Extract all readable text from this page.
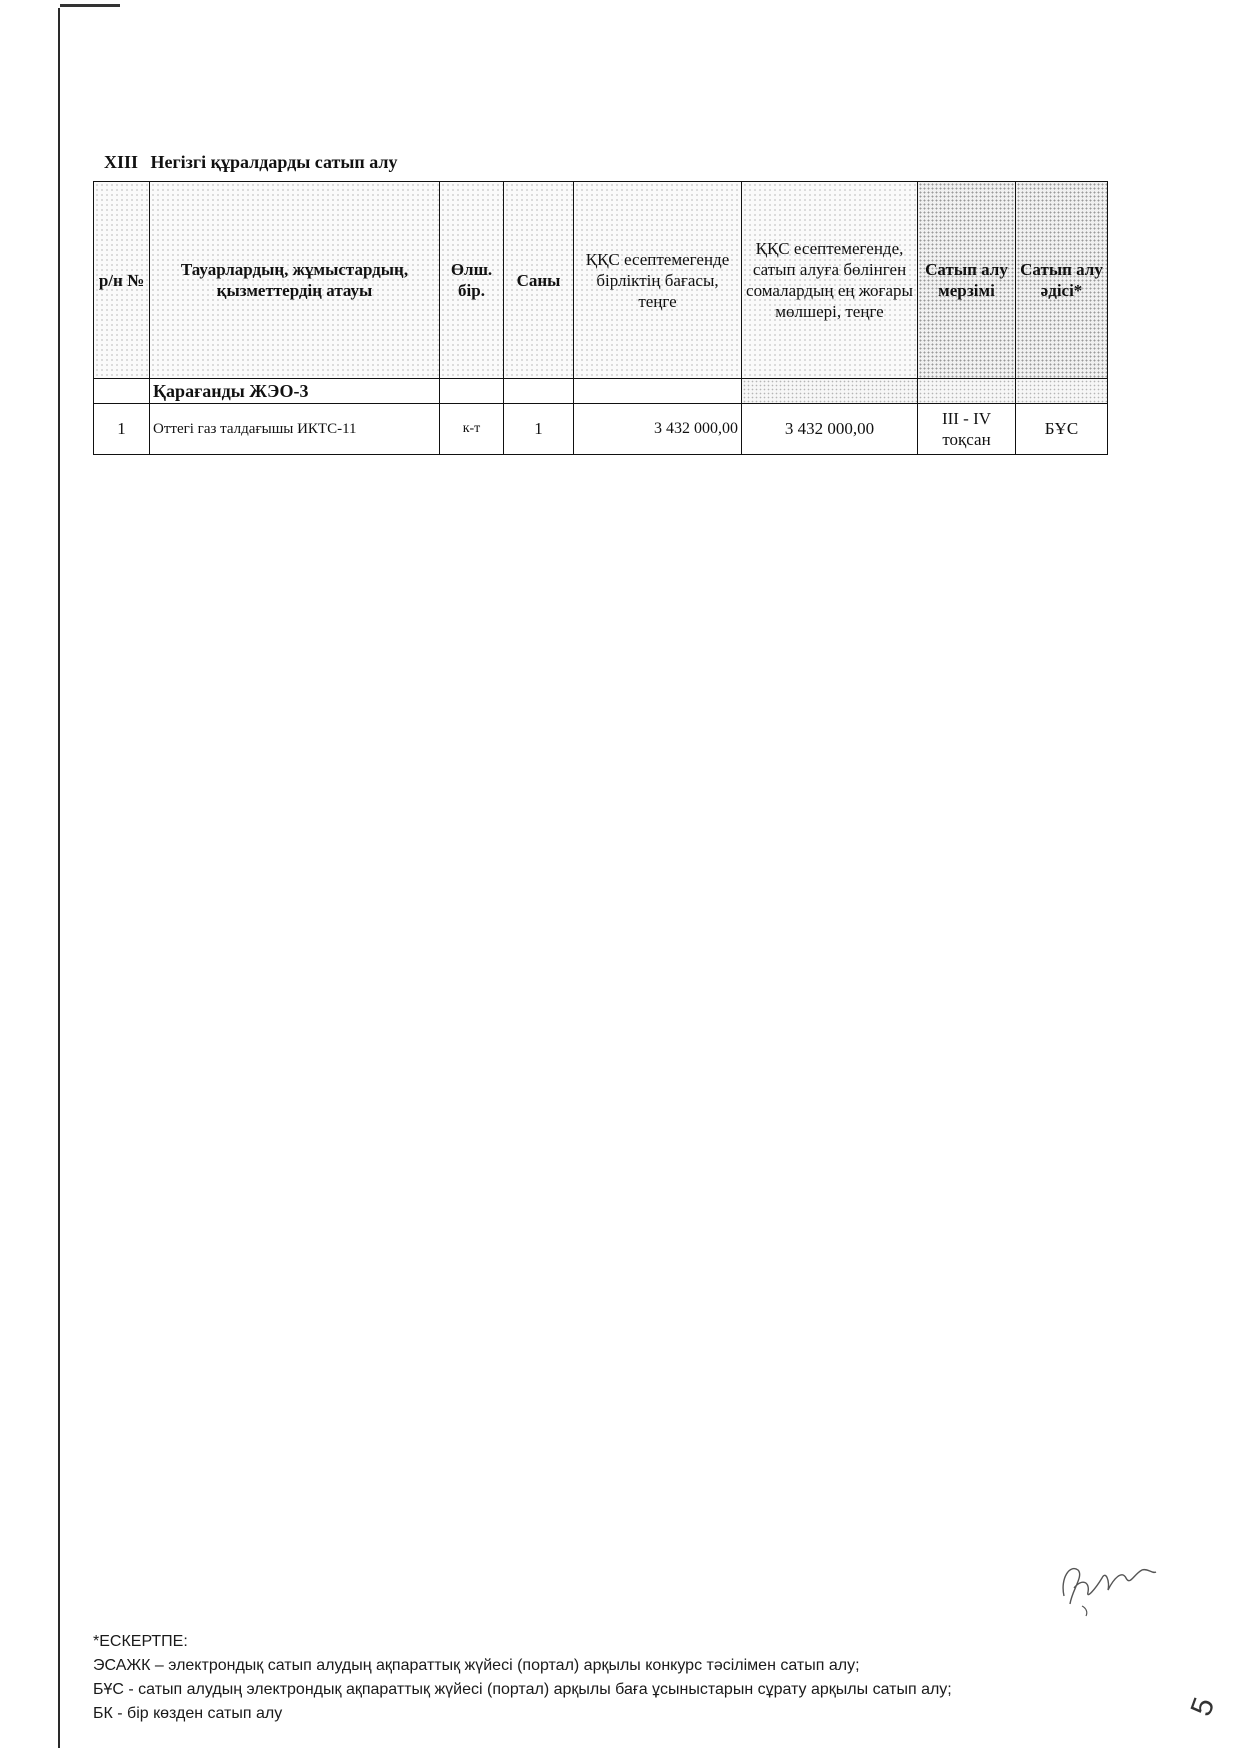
XIII Негізгі құралдарды сатып алу
р/н №	Тауарлардың, жұмыстардың, қызметтердің атауы	Өлш. бір.	Саны	ҚҚС есептемегенде бірліктің бағасы, теңге	ҚҚС есептемегенде, сатып алуға бөлінген сомалардың ең жоғары мөлшері, теңге	Сатып алу мерзімі	Сатып алу әдісі*
	Қарағанды ЖЭО-3						
1	Оттегі газ талдағышы ИКТС-11	к-т	1	3 432 000,00	3 432 000,00	III - IV тоқсан	БҰС
*ЕСКЕРТПЕ:
ЭСАЖК – электрондық сатып алудың ақпараттық жүйесі (портал) арқылы конкурс тәсілімен сатып алу;
БҰС - сатып алудың электрондық ақпараттық жүйесі (портал) арқылы баға ұсыныстарын сұрату арқылы сатып алу;
БК - бір көзден сатып алу	5
